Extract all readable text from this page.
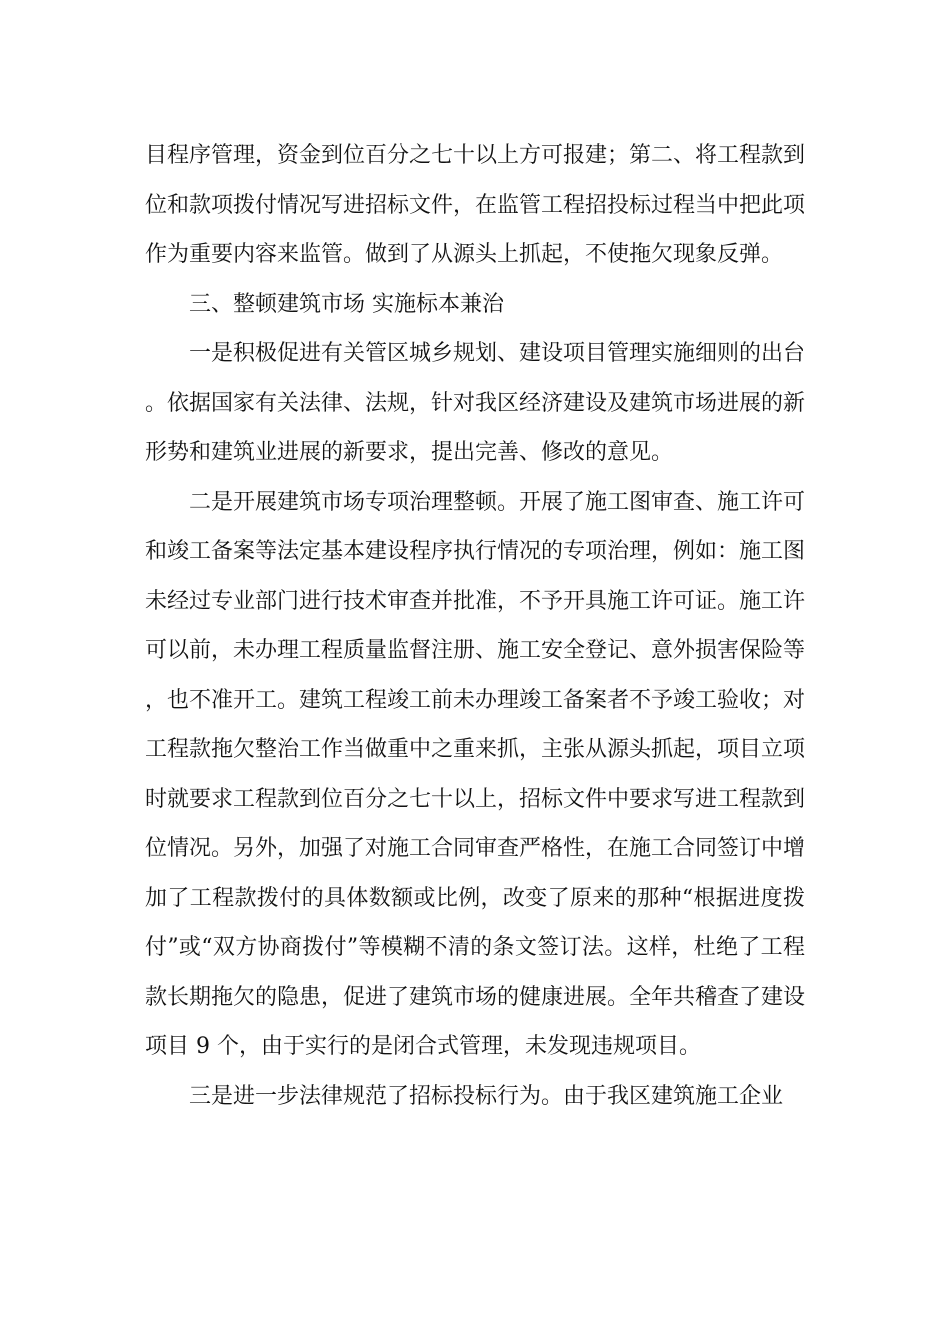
目程序管理，资金到位百分之七十以上方可报建；第二、将工程款到位和款项拨付情况写进招标文件，在监管工程招投标过程当中把此项作为重要内容来监管。做到了从源头上抓起，不使拖欠现象反弹。

三、整顿建筑市场 实施标本兼治

一是积极促进有关管区城乡规划、建设项目管理实施细则的出台。依据国家有关法律、法规，针对我区经济建设及建筑市场进展的新形势和建筑业进展的新要求，提出完善、修改的意见。

二是开展建筑市场专项治理整顿。开展了施工图审查、施工许可和竣工备案等法定基本建设程序执行情况的专项治理，例如：施工图未经过专业部门进行技术审查并批准，不予开具施工许可证。施工许可以前，未办理工程质量监督注册、施工安全登记、意外损害保险等，也不准开工。建筑工程竣工前未办理竣工备案者不予竣工验收；对工程款拖欠整治工作当做重中之重来抓，主张从源头抓起，项目立项时就要求工程款到位百分之七十以上，招标文件中要求写进工程款到位情况。另外，加强了对施工合同审查严格性，在施工合同签订中增加了工程款拨付的具体数额或比例，改变了原来的那种“根据进度拨付”或“双方协商拨付”等模糊不清的条文签订法。这样，杜绝了工程款长期拖欠的隐患，促进了建筑市场的健康进展。全年共稽查了建设项目 9 个，由于实行的是闭合式管理，未发现违规项目。

三是进一步法律规范了招标投标行为。由于我区建筑施工企业
